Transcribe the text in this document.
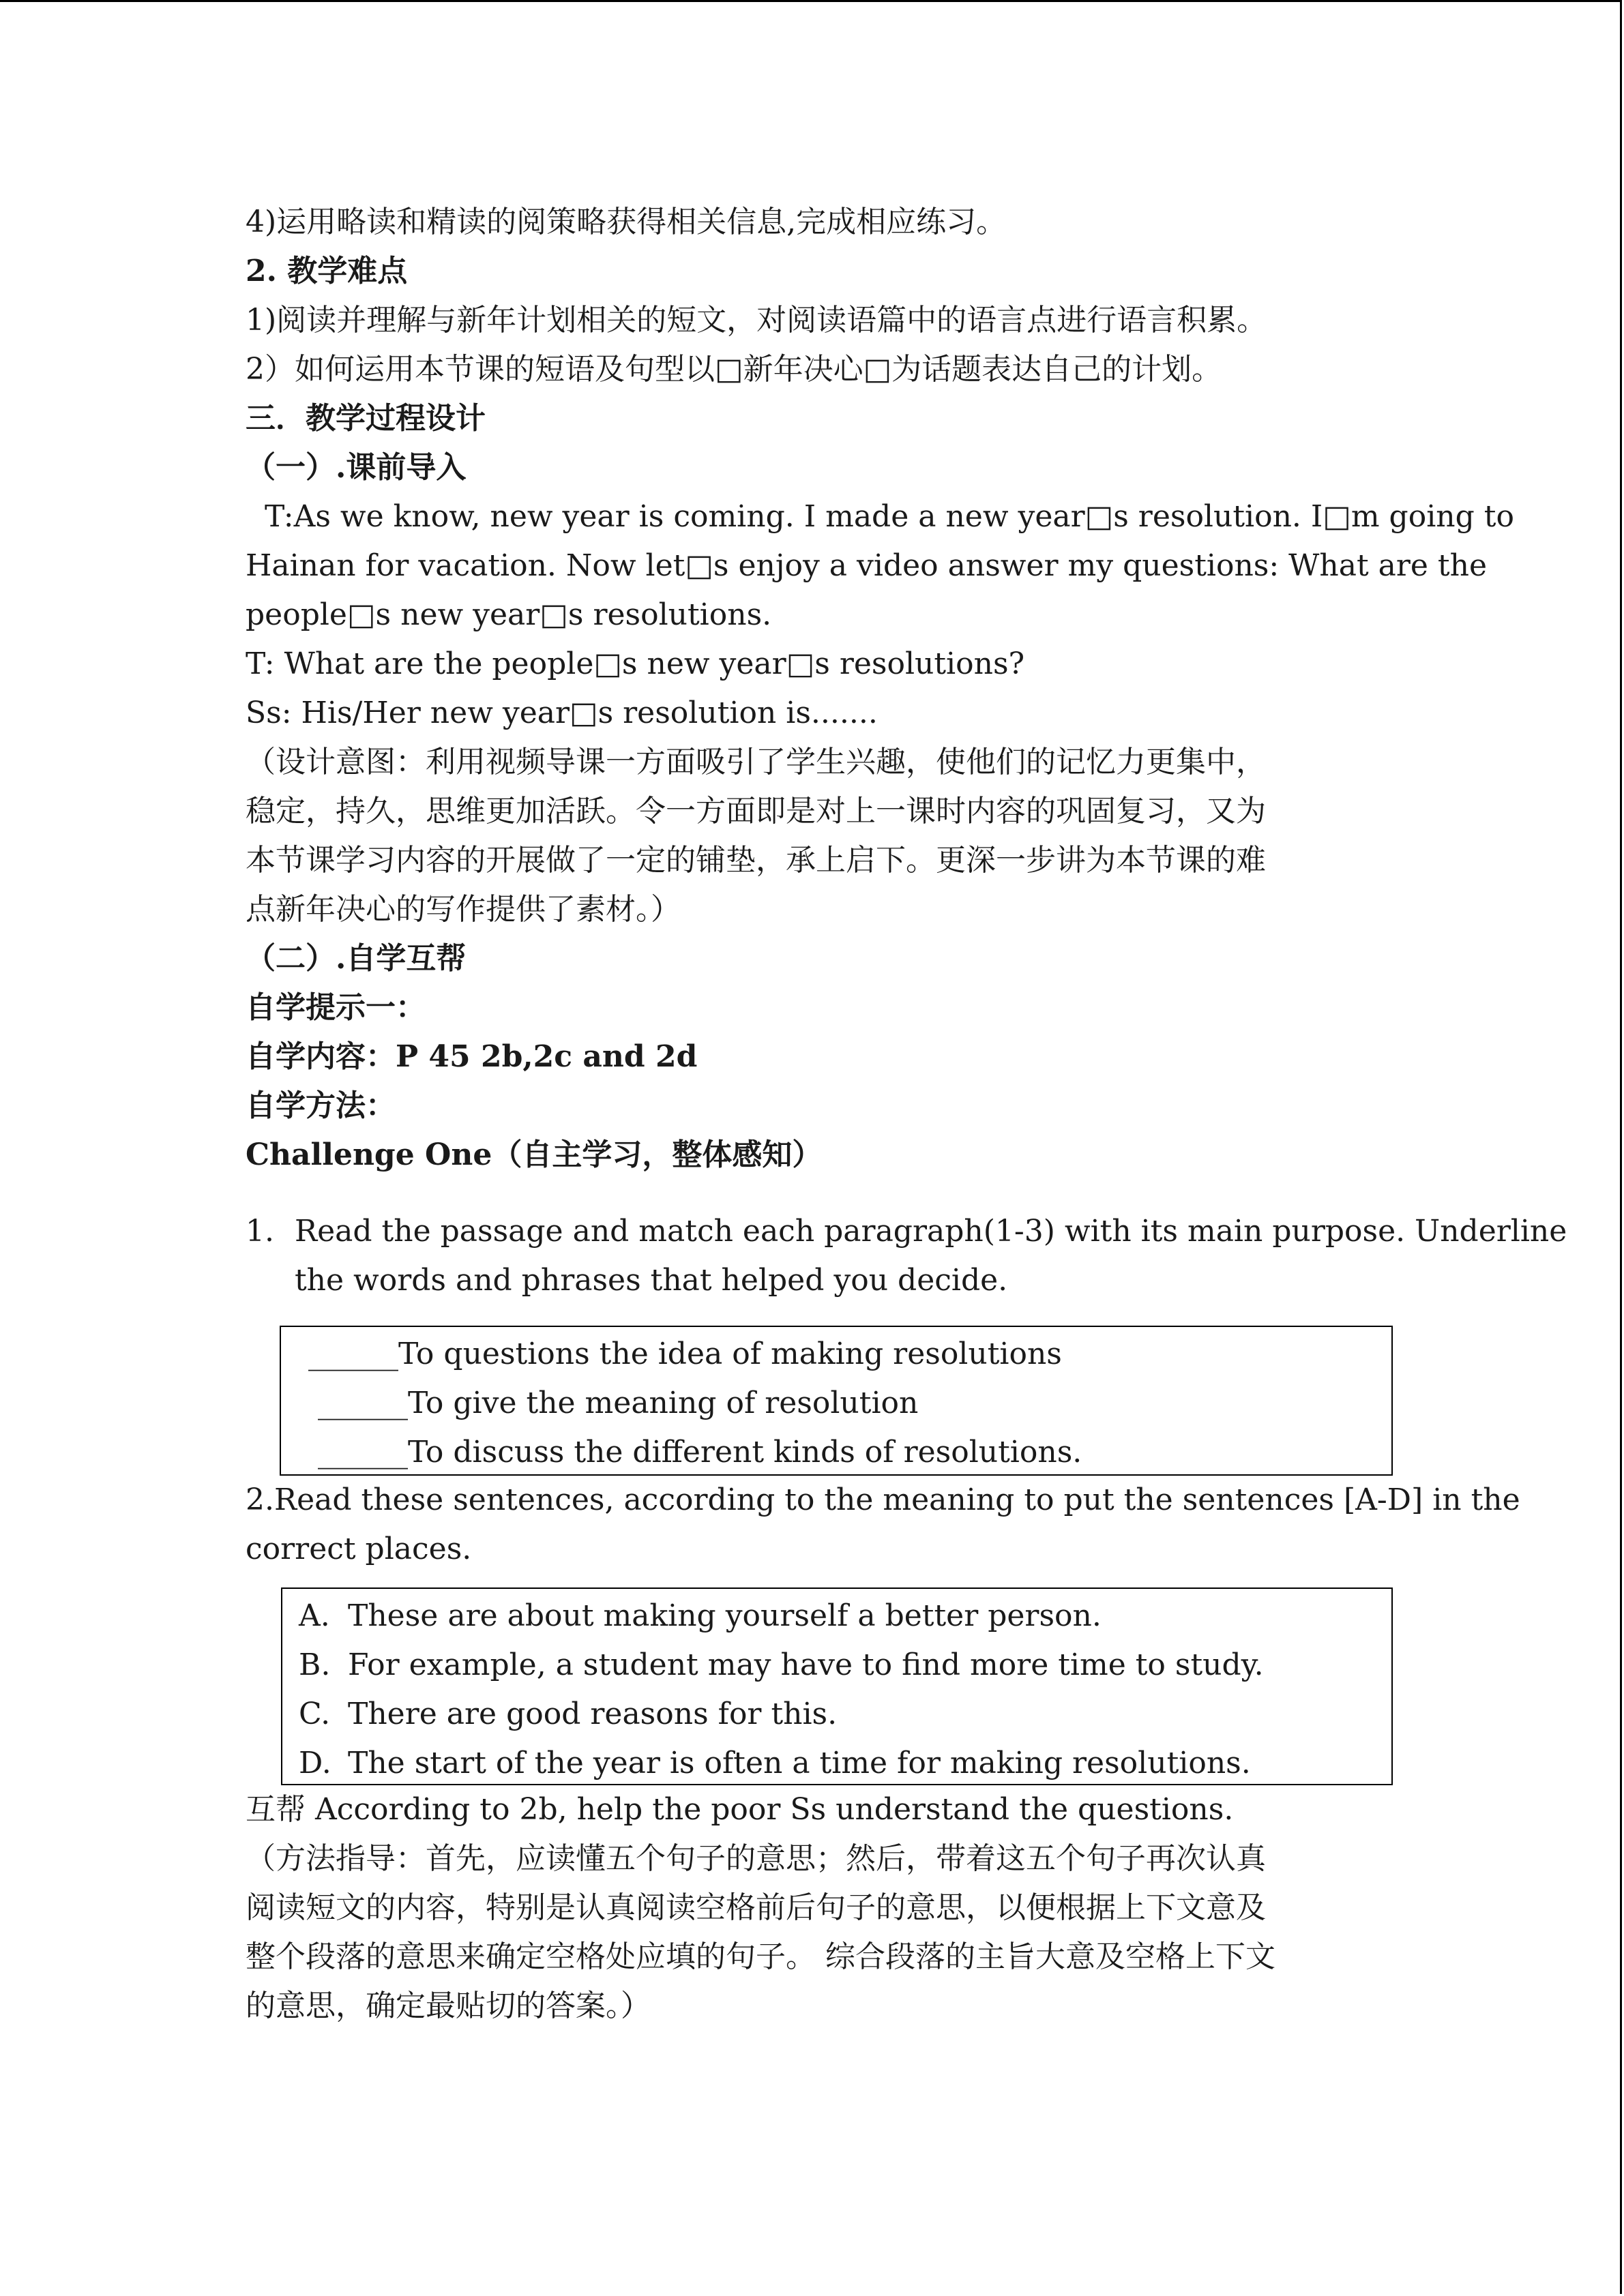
4)运用略读和精读的阅策略获得相关信息,完成相应练习。
2. 教学难点
1)阅读并理解与新年计划相关的短文，对阅读语篇中的语言点进行语言积累。
2）如何运用本节课的短语及句型以□新年决心□为话题表达自己的计划。
三．教学过程设计
（一）.课前导入
T:As we know, new year is coming. I made a new year□s resolution. I□m going to
Hainan for vacation. Now let□s enjoy a video answer my questions: What are the
people□s new year□s resolutions.
T: What are the people□s new year□s resolutions?
Ss: His/Her new year□s resolution is.......
（设计意图：利用视频导课一方面吸引了学生兴趣，使他们的记忆力更集中，
稳定，持久，思维更加活跃。令一方面即是对上一课时内容的巩固复习，又为
本节课学习内容的开展做了一定的铺垫，承上启下。更深一步讲为本节课的难
点新年决心的写作提供了素材。）
（二）.自学互帮
自学提示一：
自学内容：P 45 2b,2c and 2d
自学方法：
Challenge One（自主学习，整体感知）
1. Read the passage and match each paragraph(1-3) with its main purpose. Underline
the words and phrases that helped you decide.
______To questions the idea of making resolutions
______To give the meaning of resolution
______To discuss the different kinds of resolutions.
2.Read these sentences, according to the meaning to put the sentences [A-D] in the
correct places.
A. These are about making yourself a better person.
B. For example, a student may have to find more time to study.
C. There are good reasons for this.
D. The start of the year is often a time for making resolutions.
互帮 According to 2b, help the poor Ss understand the questions.
（方法指导：首先，应读懂五个句子的意思；然后，带着这五个句子再次认真
阅读短文的内容，特别是认真阅读空格前后句子的意思，以便根据上下文意及
整个段落的意思来确定空格处应填的句子。 综合段落的主旨大意及空格上下文
的意思，确定最贴切的答案。）
